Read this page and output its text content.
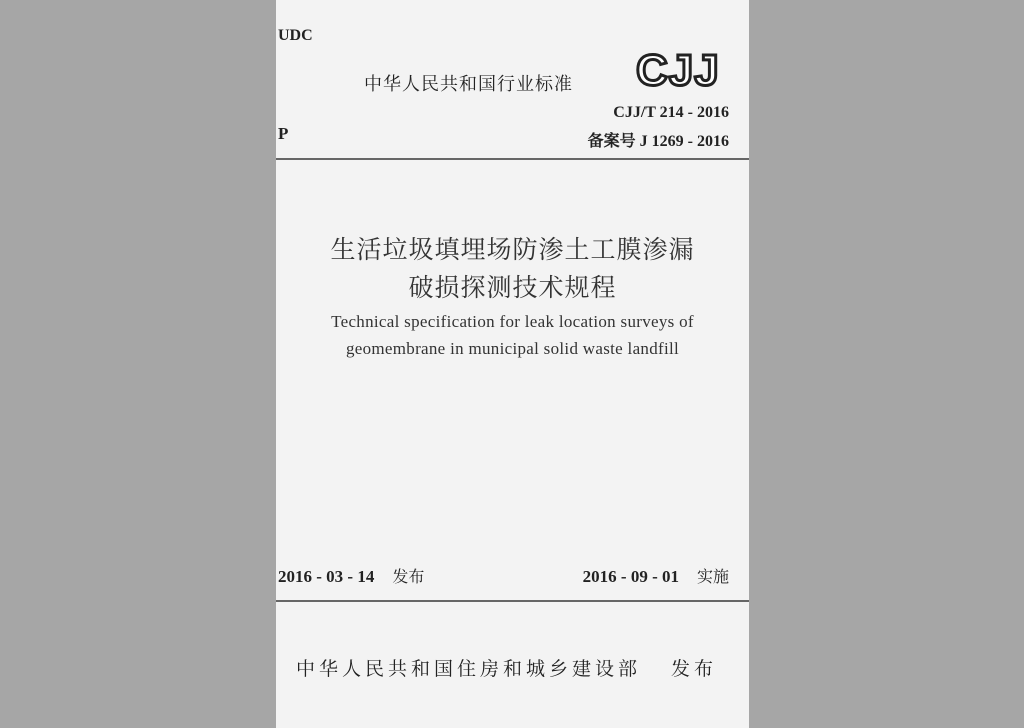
UDC
P
中华人民共和国行业标准 CJJ
CJJ/T 214 - 2016
备案号 J 1269 - 2016
生活垃圾填埋场防渗土工膜渗漏
破损探测技术规程
Technical specification for leak location surveys of
geomembrane in municipal solid waste landfill
2016 - 03 - 14 发布	2016 - 09 - 01 实施
中华人民共和国住房和城乡建设部 发布
